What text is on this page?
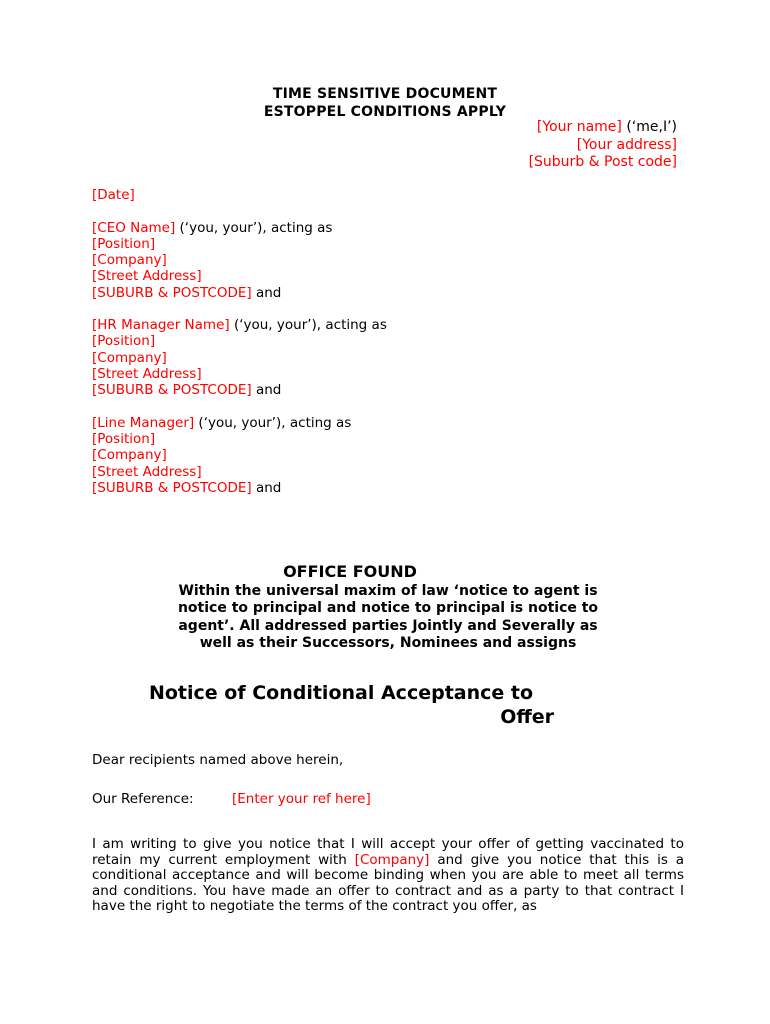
TIME SENSITIVE DOCUMENT
ESTOPPEL CONDITIONS APPLY
[Your name] (‘me,I’)
[Your address]
[Suburb & Post code]
[Date]
[CEO Name] (‘you, your’), acting as
[Position]
[Company]
[Street Address]
[SUBURB & POSTCODE] and
[HR Manager Name] (‘you, your’), acting as
[Position]
[Company]
[Street Address]
[SUBURB & POSTCODE] and
[Line Manager] (‘you, your’), acting as
[Position]
[Company]
[Street Address]
[SUBURB & POSTCODE] and
OFFICE FOUND
Within the universal maxim of law ‘notice to agent is
notice to principal and notice to principal is notice to
agent’. All addressed parties Jointly and Severally as
well as their Successors, Nominees and assigns
Notice of Conditional Acceptance to
Offer
Dear recipients named above herein,
Our Reference:	[Enter your ref here]
I am writing to give you notice that I will accept your offer of getting vaccinated to retain my current employment with [Company] and give you notice that this is a conditional acceptance and will become binding when you are able to meet all terms and conditions. You have made an offer to contract and as a party to that contract I have the right to negotiate the terms of the contract you offer, as
